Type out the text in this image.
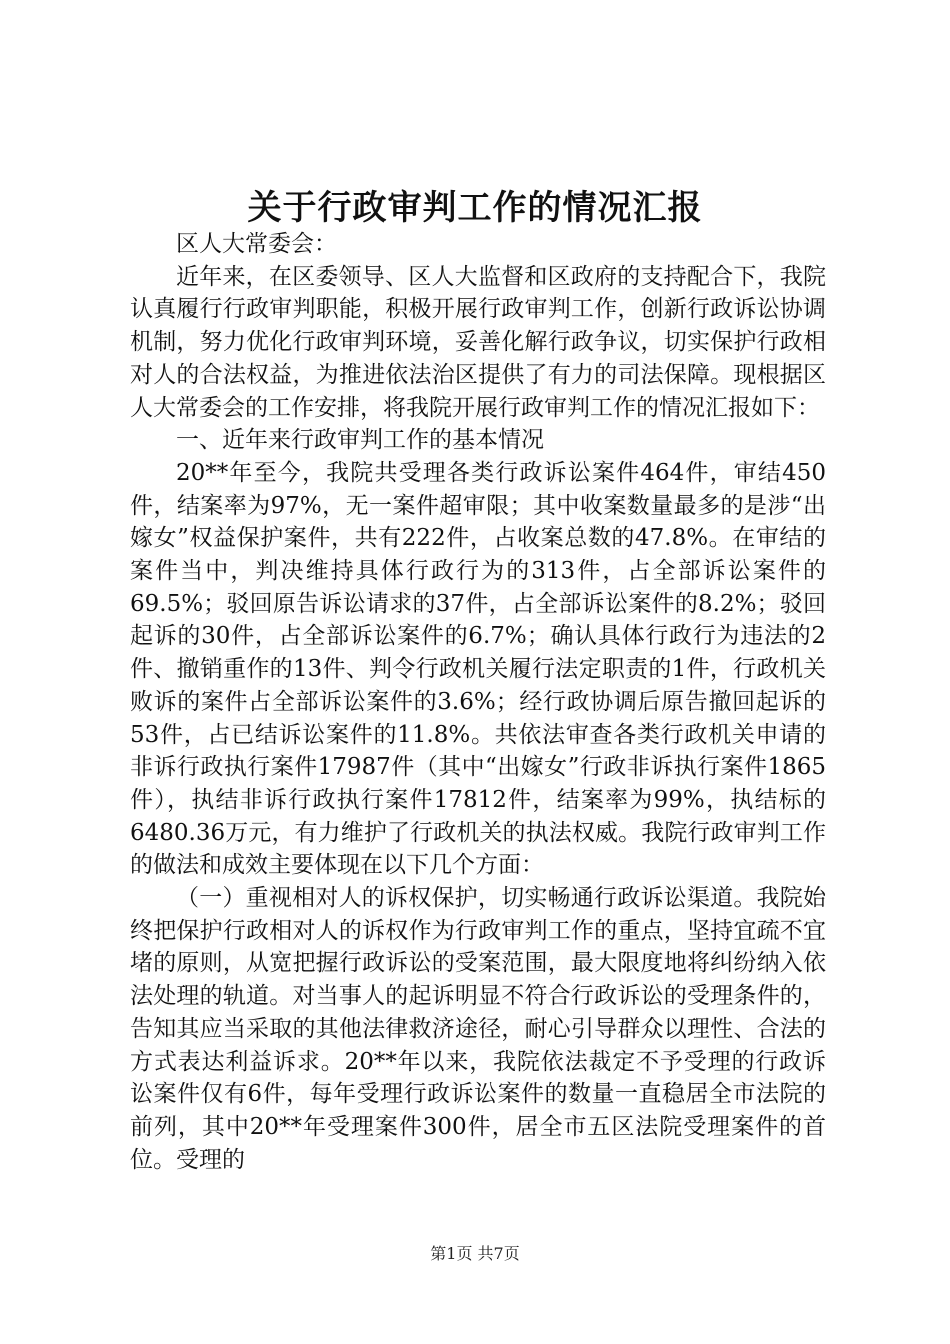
关于行政审判工作的情况汇报

区人大常委会：

近年来，在区委领导、区人大监督和区政府的支持配合下，我院认真履行行政审判职能，积极开展行政审判工作，创新行政诉讼协调机制，努力优化行政审判环境，妥善化解行政争议，切实保护行政相对人的合法权益，为推进依法治区提供了有力的司法保障。现根据区人大常委会的工作安排，将我院开展行政审判工作的情况汇报如下：

一、近年来行政审判工作的基本情况

20**年至今，我院共受理各类行政诉讼案件464件，审结450件，结案率为97%，无一案件超审限；其中收案数量最多的是涉“出嫁女”权益保护案件，共有222件，占收案总数的47.8%。在审结的案件当中，判决维持具体行政行为的313件，占全部诉讼案件的69.5%；驳回原告诉讼请求的37件，占全部诉讼案件的8.2%；驳回起诉的30件，占全部诉讼案件的6.7%；确认具体行政行为违法的2件、撤销重作的13件、判令行政机关履行法定职责的1件，行政机关败诉的案件占全部诉讼案件的3.6%；经行政协调后原告撤回起诉的53件，占已结诉讼案件的11.8%。共依法审查各类行政机关申请的非诉行政执行案件17987件（其中“出嫁女”行政非诉执行案件1865件），执结非诉行政执行案件17812件，结案率为99%，执结标的6480.36万元，有力维护了行政机关的执法权威。我院行政审判工作的做法和成效主要体现在以下几个方面：

（一）重视相对人的诉权保护，切实畅通行政诉讼渠道。我院始终把保护行政相对人的诉权作为行政审判工作的重点，坚持宜疏不宜堵的原则，从宽把握行政诉讼的受案范围，最大限度地将纠纷纳入依法处理的轨道。对当事人的起诉明显不符合行政诉讼的受理条件的，告知其应当采取的其他法律救济途径，耐心引导群众以理性、合法的方式表达利益诉求。20**年以来，我院依法裁定不予受理的行政诉讼案件仅有6件，每年受理行政诉讼案件的数量一直稳居全市法院的前列，其中20**年受理案件300件，居全市五区法院受理案件的首位。受理的

第1页 共7页
